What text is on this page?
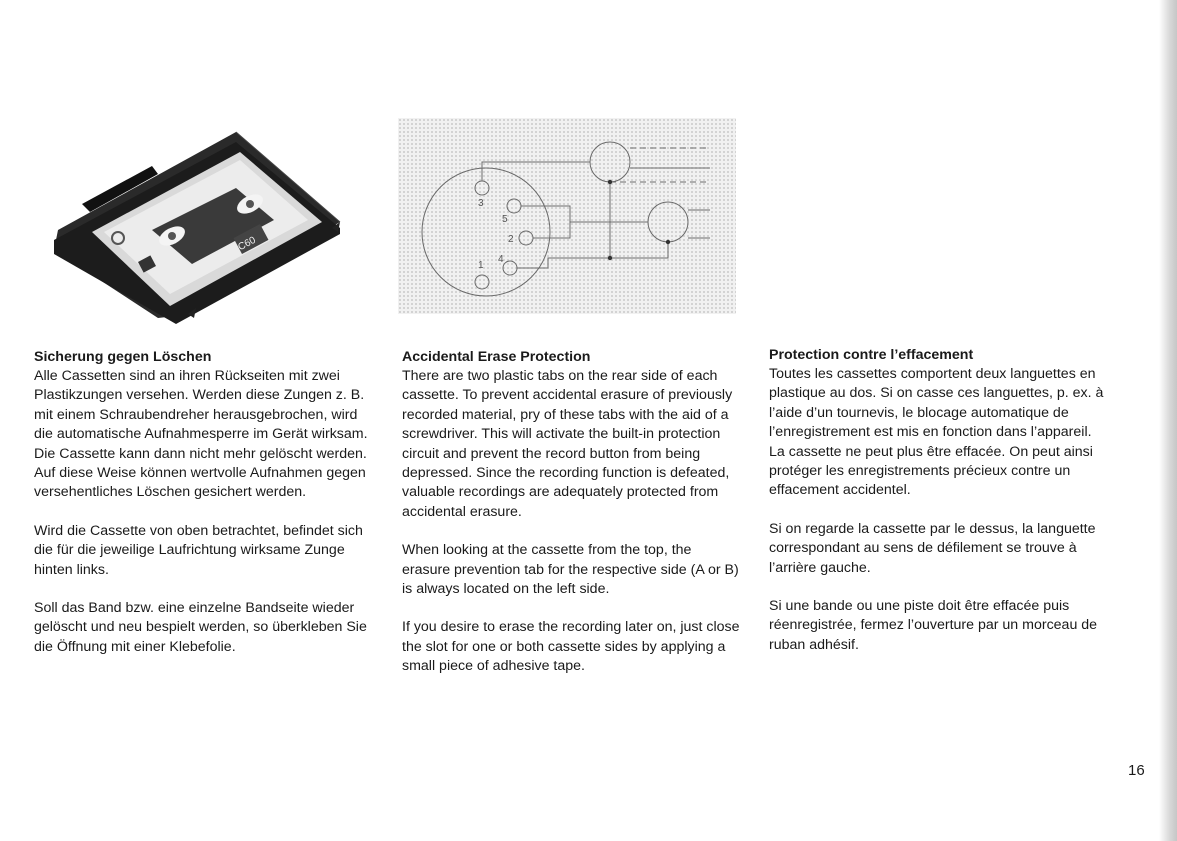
C60
3
5
2
4
1
Sicherung gegen Löschen

Alle Cassetten sind an ihren Rückseiten mit zwei Plastikzungen versehen. Werden diese Zungen z. B. mit einem Schraubendreher herausgebrochen, wird die automatische Aufnahmesperre im Gerät wirksam. Die Cassette kann dann nicht mehr gelöscht werden. Auf diese Weise können wertvolle Aufnahmen gegen versehentliches Löschen gesichert werden.

Wird die Cassette von oben betrachtet, befindet sich die für die jeweilige Laufrichtung wirksame Zunge hinten links.

Soll das Band bzw. eine einzelne Bandseite wieder gelöscht und neu bespielt werden, so überkleben Sie die Öffnung mit einer Klebefolie.

Accidental Erase Protection

There are two plastic tabs on the rear side of each cassette. To prevent accidental erasure of previously recorded material, pry of these tabs with the aid of a screwdriver. This will activate the built-in protection circuit and prevent the record button from being depressed. Since the recording function is defeated, valuable recordings are adequately protected from accidental erasure.

When looking at the cassette from the top, the erasure prevention tab for the respective side (A or B) is always located on the left side.

If you desire to erase the recording later on, just close the slot for one or both cassette sides by applying a small piece of adhesive tape.

Protection contre l’effacement

Toutes les cassettes comportent deux languettes en plastique au dos. Si on casse ces languettes, p. ex. à l’aide d’un tournevis, le blocage automatique de l’enregistrement est mis en fonction dans l’appareil. La cassette ne peut plus être effacée. On peut ainsi protéger les enregistrements précieux contre un effacement accidentel.

Si on regarde la cassette par le dessus, la languette correspondant au sens de défilement se trouve à l’arrière gauche.

Si une bande ou une piste doit être effacée puis réenregistrée, fermez l’ouverture par un morceau de ruban adhésif.

16
